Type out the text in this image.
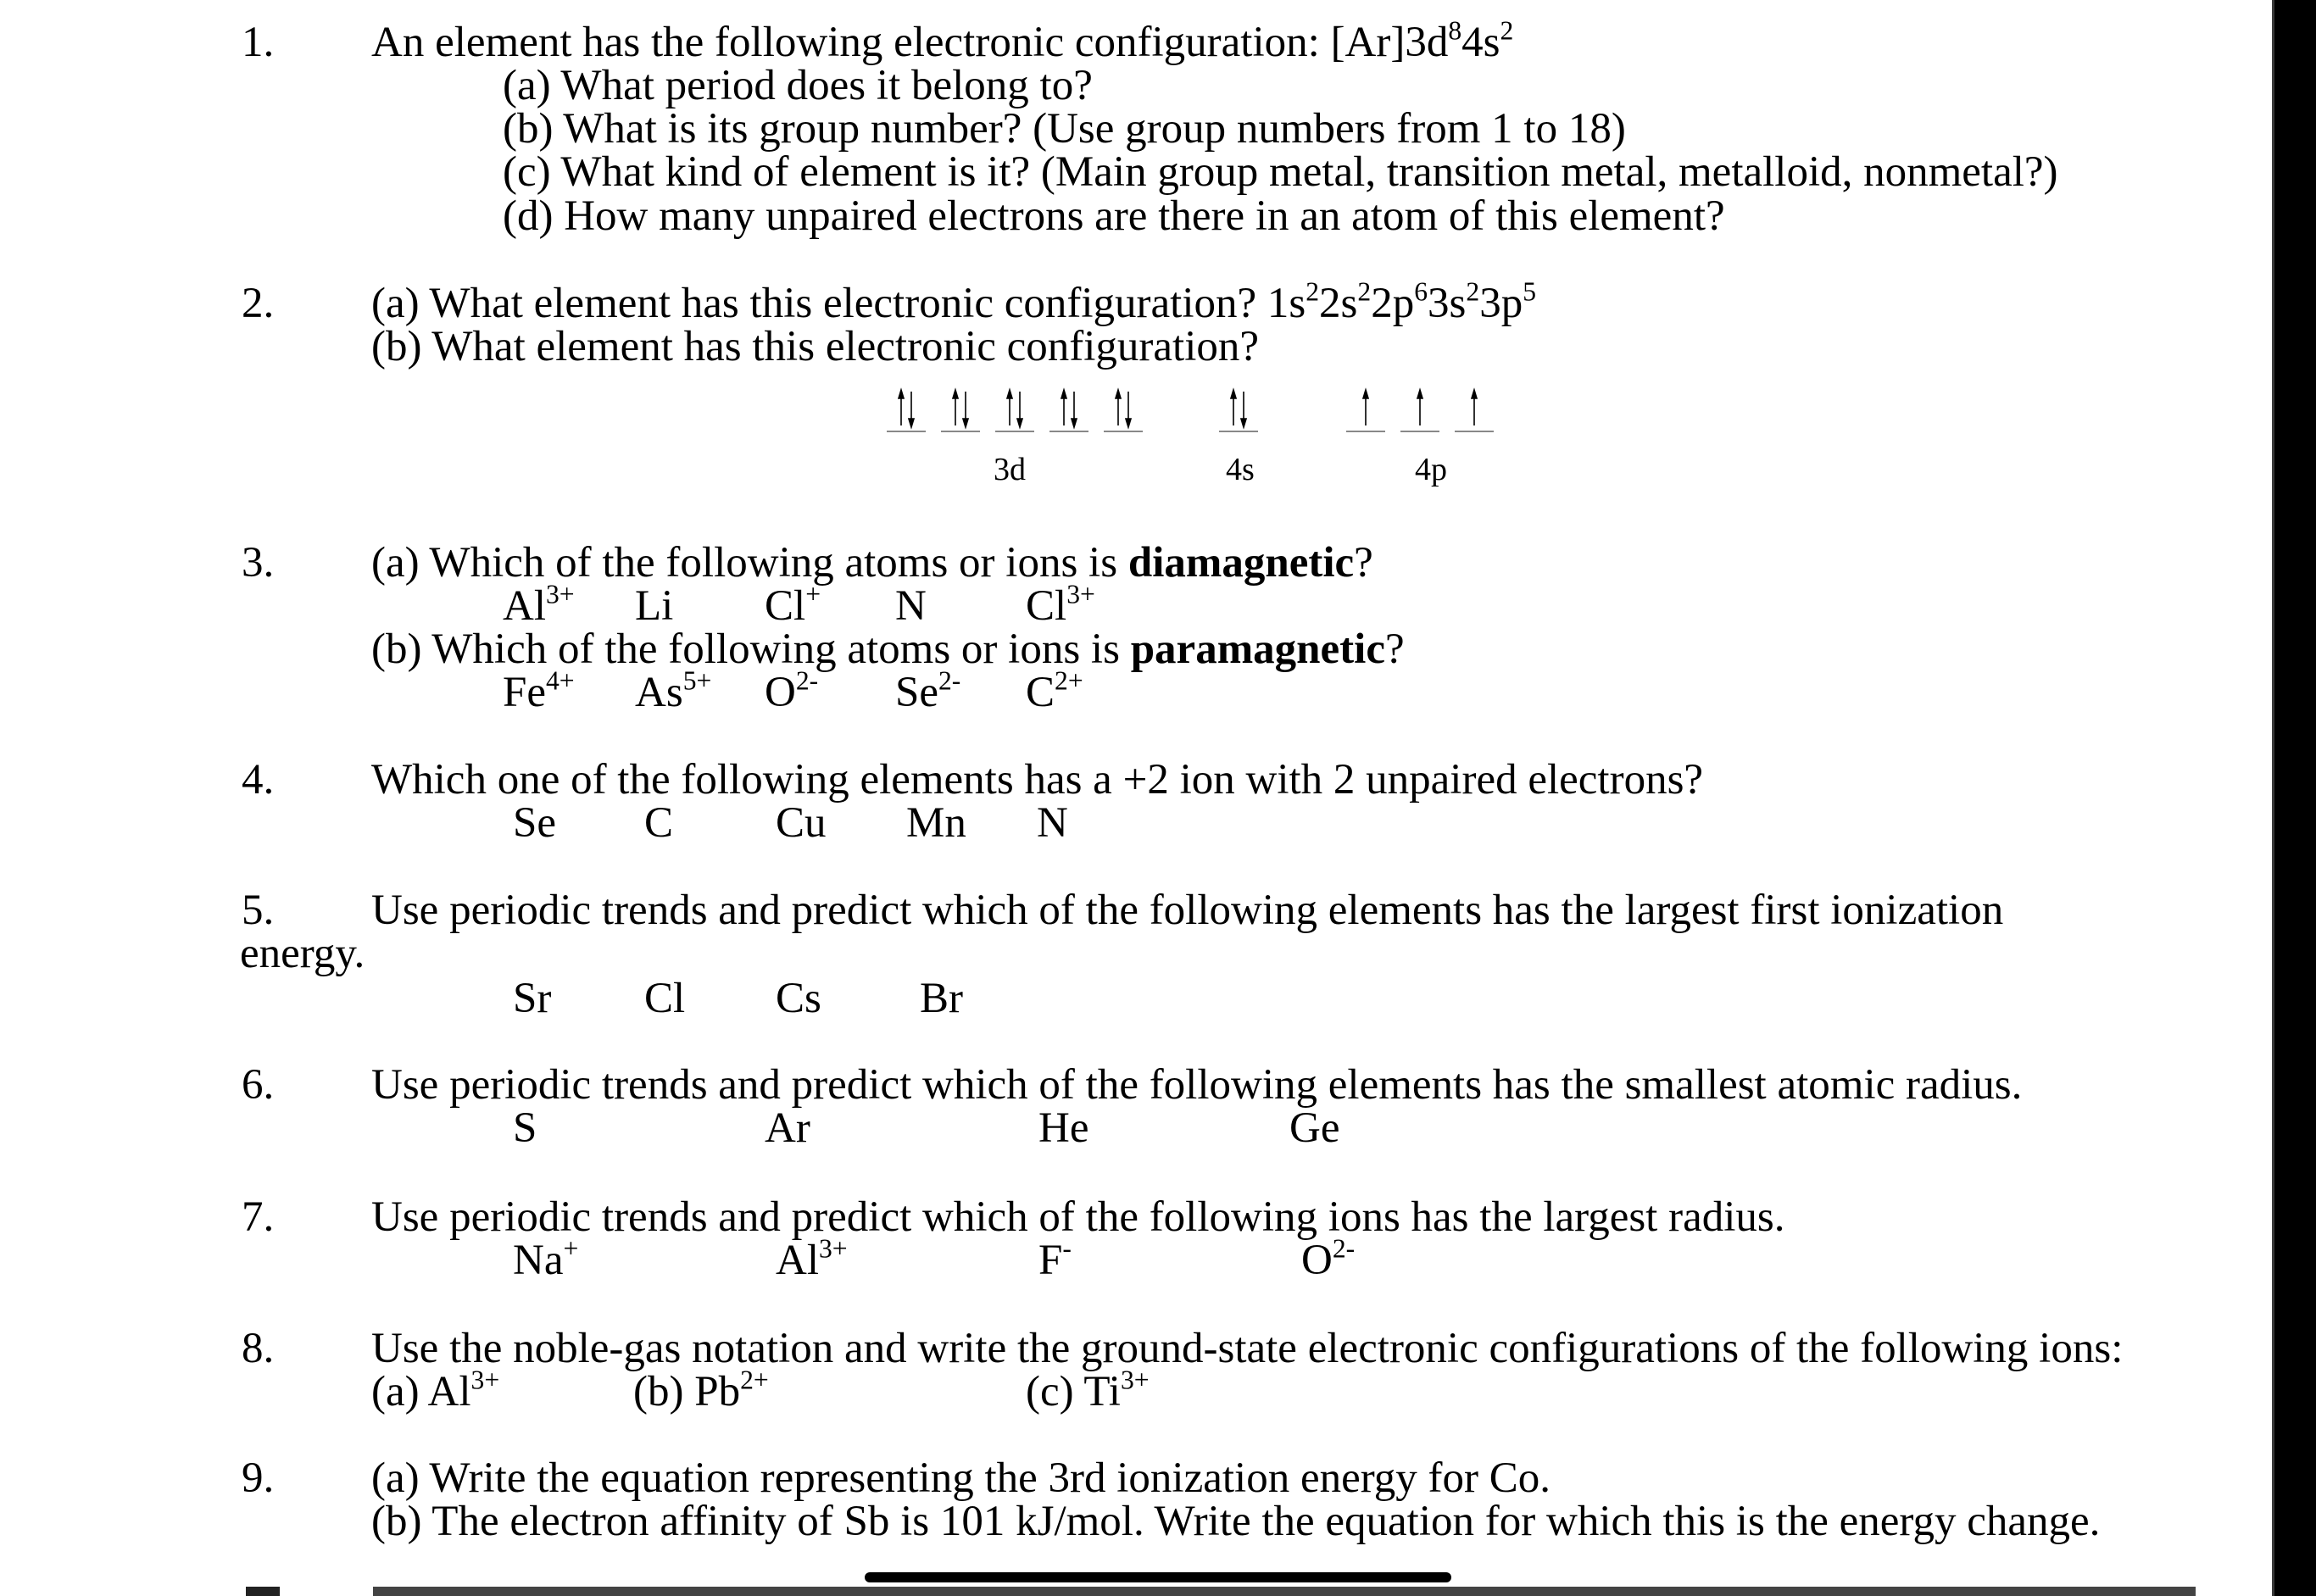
1. An element has the following electronic configuration: $[Ar]3d^84s^2$
(a) What period does it belong to?
(b) What is its group number? (Use group numbers from 1 to 18)
(c) What kind of element is it? (Main group metal, transition metal, metalloid, nonmetal?)
(d) How many unpaired electrons are there in an atom of this element?
2. (a) What element has this electronic configuration? $1s^22s^22p^63s^23p^5$
(b) What element has this electronic configuration?
3d	4s	4p
3. (a) Which of the following atoms or ions is diamagnetic?
$Al^{3+}$ Li Cl+ N $Cl^{3+}$
(b) Which of the following atoms or ions is paramagnetic?
$Fe^{4+}$ $As^{5+}$ $O^{2-}$ $Se^{2-}$ $C^{2+}$
4. Which one of the following elements has a +2 ion with 2 unpaired electrons?
Se C Cu Mn N
5. Use periodic trends and predict which of the following elements has the largest first ionization
energy.
Sr Cl Cs Br
6. Use periodic trends and predict which of the following elements has the smallest atomic radius.
S	Ar	He	Ge
7. Use periodic trends and predict which of the following ions has the largest radius.
Na+	$Al^{3+}$	F-	$O^{2-}$
8. Use the noble-gas notation and write the ground-state electronic configurations of the following ions:
(a) $Al^{3+}$	(b) $Pb^{2+}$	(c) $Ti^{3+}$
9. (a) Write the equation representing the 3rd ionization energy for Co.
(b) The electron affinity of Sb is 101 kJ/mol. Write the equation for which this is the energy change.
